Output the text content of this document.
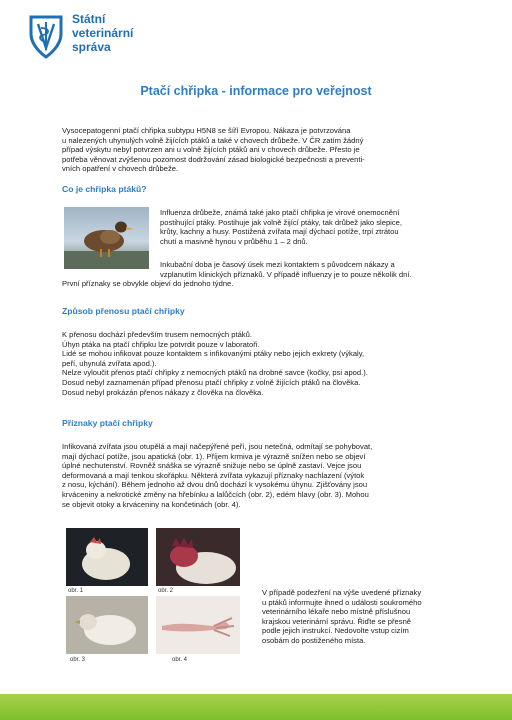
Státní
veterinární
správa
Ptačí chřipka - informace pro veřejnost
Vysocepatogenní ptačí chřipka subtypu H5N8 se šíří Evropou. Nákaza je potvrzována
u nalezených uhynulých volně žijících ptáků a také v chovech drůbeže. V ČR zatím žádný
případ výskytu nebyl potvrzen ani u volně žijících ptáků ani v chovech drůbeže. Přesto je
potřeba věnovat zvýšenou pozornost dodržování zásad biologické bezpečnosti a preventi-
vních opatření v chovech drůbeže.
Co je chřipka ptáků?
Influenza drůbeže, známá také jako ptačí chřipka je virové onemocnění
postihující ptáky. Postihuje jak volně žijící ptáky, tak drůbež jako slepice,
krůty, kachny a husy. Postižená zvířata mají dýchací potíže, trpí ztrátou
chutí a masivně hynou v průběhu 1 – 2 dnů.
Inkubační doba je časový úsek mezi kontaktem s původcem nákazy a
vzplanutím klinických příznaků. V případě influenzy je to pouze několik dní.
První příznaky se obvykle objeví do jednoho týdne.
Způsob přenosu ptačí chřipky
K přenosu dochází především trusem nemocných ptáků.
Úhyn ptáka na ptačí chřipku lze potvrdit pouze v laboratoři.
Lidé se mohou infikovat pouze kontaktem s infikovanými ptáky nebo jejich exkrety (výkaly,
peří, uhynulá zvířata apod.).
Nelze vyloučit přenos ptačí chřipky z nemocných ptáků na drobné savce (kočky, psi apod.).
Dosud nebyl zaznamenán případ přenosu ptačí chřipky z volně žijících ptáků na člověka.
Dosud nebyl prokázán přenos nákazy z člověka na člověka.
Příznaky ptačí chřipky
Infikovaná zvířata jsou otupělá a mají načepýřené peří, jsou netečná, odmítají se pohybovat,
mají dýchací potíže, jsou apatická (obr. 1). Příjem krmiva je výrazně snížen nebo se objeví
úplné nechutenství. Rovněž snáška se výrazně snižuje nebo se úplně zastaví. Vejce jsou
deformovaná a mají tenkou skořápku. Některá zvířata vykazují příznaky nachlazení (výtok
z nosu, kýchání). Během jednoho až dvou dnů dochází k vysokému úhynu. Zjišťovány jsou
krváceniny a nekrotické změny na hřebínku a lalůčcích (obr. 2), edém hlavy (obr. 3). Mohou
se objevit otoky a krváceniny na končetinách (obr. 4).
obr. 1	obr. 2
obr. 3	obr. 4
V případě podezření na výše uvedené příznaky
u ptáků informujte ihned o události soukromého
veterinárního lékaře nebo místně příslušnou
krajskou veterinární správu. Řiďte se přesně
podle jejich instrukcí. Nedovolte vstup cizím
osobám do postiženého místa.
